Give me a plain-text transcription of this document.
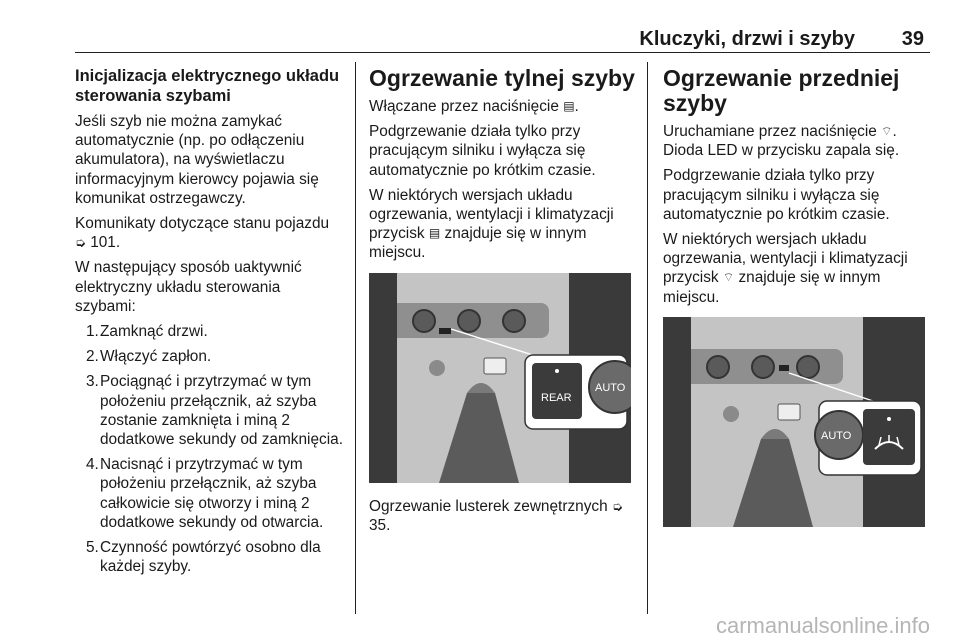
Kluczyki, drzwi i szyby 39
Inicjalizacja elektrycznego układu sterowania szybami

Jeśli szyb nie można zamykać automatycznie (np. po odłączeniu akumulatora), na wyświetlaczu informacyjnym kierowcy pojawia się komunikat ostrzegawczy.

Komunikaty dotyczące stanu pojazdu ➭ 101.

W następujący sposób uaktywnić elektryczny układu sterowania szybami:

1. Zamknąć drzwi.
2. Włączyć zapłon.
3. Pociągnąć i przytrzymać w tym położeniu przełącznik, aż szyba zostanie zamknięta i miną 2 dodatkowe sekundy od zamknięcia.
4. Nacisnąć i przytrzymać w tym położeniu przełącznik, aż szyba całkowicie się otworzy i miną 2 dodatkowe sekundy od otwarcia.
5. Czynność powtórzyć osobno dla każdej szyby.
Ogrzewanie tylnej szyby

Włączane przez naciśnięcie ▤.

Podgrzewanie działa tylko przy pracującym silniku i wyłącza się automatycznie po krótkim czasie.

W niektórych wersjach układu ogrzewania, wentylacji i klimatyzacji przycisk ▤ znajduje się w innym miejscu.

REAR
AUTO

Ogrzewanie lusterek zewnętrznych ➭ 35.

Ogrzewanie przedniej szyby

Uruchamiane przez naciśnięcie ⌔. Dioda LED w przycisku zapala się.

Podgrzewanie działa tylko przy pracującym silniku i wyłącza się automatycznie po krótkim czasie.

W niektórych wersjach układu ogrzewania, wentylacji i klimatyzacji przycisk ⌔ znajduje się w innym miejscu.

AUTO
carmanualsonline.info
